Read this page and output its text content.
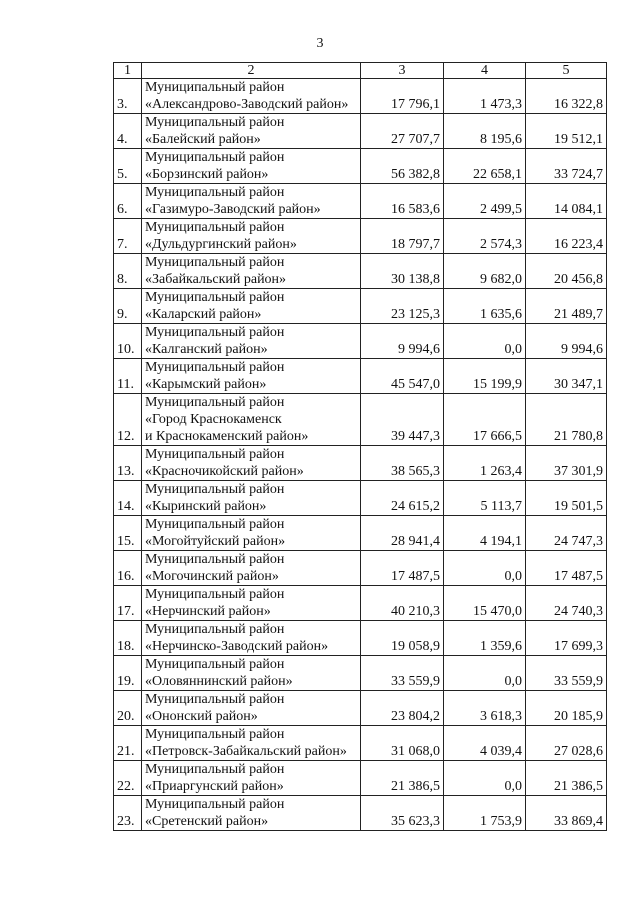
3
1	2	3	4	5
3.	Муниципальный район
«Александрово-Заводский район»	17 796,1	1 473,3	16 322,8
4.	Муниципальный район
«Балейский район»	27 707,7	8 195,6	19 512,1
5.	Муниципальный район
«Борзинский район»	56 382,8	22 658,1	33 724,7
6.	Муниципальный район
«Газимуро-Заводский район»	16 583,6	2 499,5	14 084,1
7.	Муниципальный район
«Дульдургинский район»	18 797,7	2 574,3	16 223,4
8.	Муниципальный район
«Забайкальский район»	30 138,8	9 682,0	20 456,8
9.	Муниципальный район
«Каларский район»	23 125,3	1 635,6	21 489,7
10.	Муниципальный район
«Калганский район»	9 994,6	0,0	9 994,6
11.	Муниципальный район
«Карымский район»	45 547,0	15 199,9	30 347,1
12.	Муниципальный район
«Город Краснокаменск
и Краснокаменский район»	39 447,3	17 666,5	21 780,8
13.	Муниципальный район
«Красночикойский район»	38 565,3	1 263,4	37 301,9
14.	Муниципальный район
«Кыринский район»	24 615,2	5 113,7	19 501,5
15.	Муниципальный район
«Могойтуйский район»	28 941,4	4 194,1	24 747,3
16.	Муниципальный район
«Могочинский район»	17 487,5	0,0	17 487,5
17.	Муниципальный район
«Нерчинский район»	40 210,3	15 470,0	24 740,3
18.	Муниципальный район
«Нерчинско-Заводский район»	19 058,9	1 359,6	17 699,3
19.	Муниципальный район
«Оловяннинский район»	33 559,9	0,0	33 559,9
20.	Муниципальный район
«Ононский район»	23 804,2	3 618,3	20 185,9
21.	Муниципальный район
«Петровск-Забайкальский район»	31 068,0	4 039,4	27 028,6
22.	Муниципальный район
«Приаргунский район»	21 386,5	0,0	21 386,5
23.	Муниципальный район
«Сретенский район»	35 623,3	1 753,9	33 869,4
